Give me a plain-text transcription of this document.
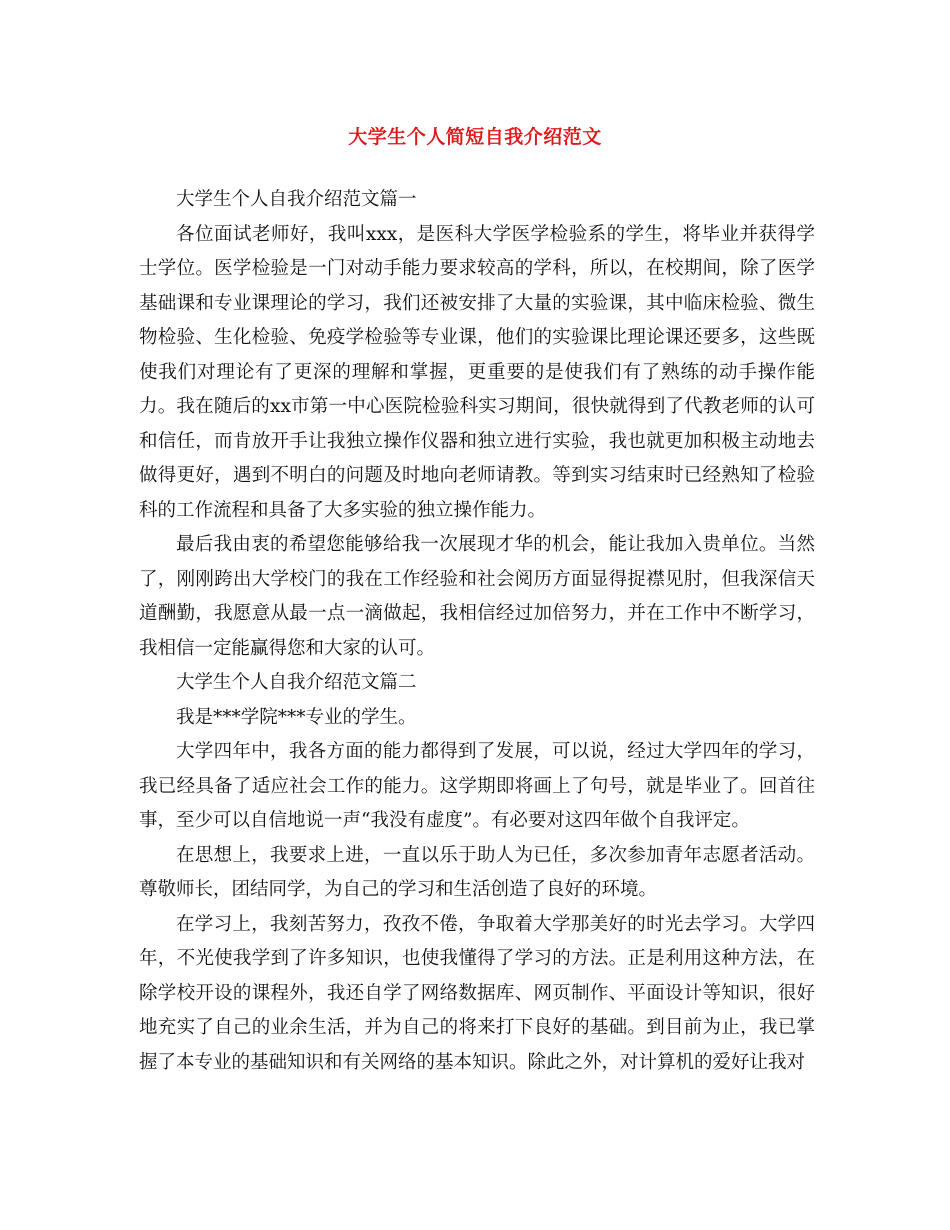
大学生个人简短自我介绍范文

大学生个人自我介绍范文篇一

各位面试老师好，我叫xxx，是医科大学医学检验系的学生，将毕业并获得学士学位。医学检验是一门对动手能力要求较高的学科，所以，在校期间，除了医学基础课和专业课理论的学习，我们还被安排了大量的实验课，其中临床检验、微生物检验、生化检验、免疫学检验等专业课，他们的实验课比理论课还要多，这些既使我们对理论有了更深的理解和掌握，更重要的是使我们有了熟练的动手操作能力。我在随后的xx市第一中心医院检验科实习期间，很快就得到了代教老师的认可和信任，而肯放开手让我独立操作仪器和独立进行实验，我也就更加积极主动地去做得更好，遇到不明白的问题及时地向老师请教。等到实习结束时已经熟知了检验科的工作流程和具备了大多实验的独立操作能力。

最后我由衷的希望您能够给我一次展现才华的机会，能让我加入贵单位。当然了，刚刚跨出大学校门的我在工作经验和社会阅历方面显得捉襟见肘，但我深信天道酬勤，我愿意从最一点一滴做起，我相信经过加倍努力，并在工作中不断学习，我相信一定能赢得您和大家的认可。

大学生个人自我介绍范文篇二

我是***学院***专业的学生。

大学四年中，我各方面的能力都得到了发展，可以说，经过大学四年的学习，我已经具备了适应社会工作的能力。这学期即将画上了句号，就是毕业了。回首往事，至少可以自信地说一声“我没有虚度”。有必要对这四年做个自我评定。

在思想上，我要求上进，一直以乐于助人为已任，多次参加青年志愿者活动。尊敬师长，团结同学，为自己的学习和生活创造了良好的环境。

在学习上，我刻苦努力，孜孜不倦，争取着大学那美好的时光去学习。大学四年，不光使我学到了许多知识，也使我懂得了学习的方法。正是利用这种方法，在除学校开设的课程外，我还自学了网络数据库、网页制作、平面设计等知识，很好地充实了自己的业余生活，并为自己的将来打下良好的基础。到目前为止，我已掌握了本专业的基础知识和有关网络的基本知识。除此之外，对计算机的爱好让我对
